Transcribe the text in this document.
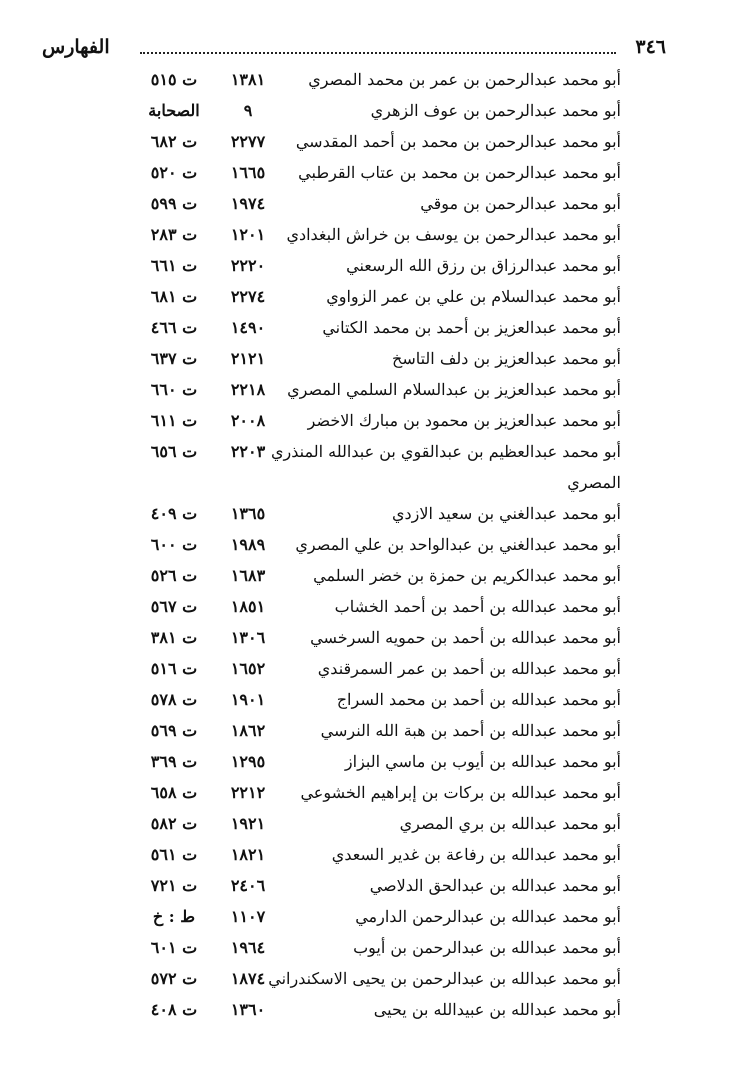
٣٤٦
الفهارس
أبو محمد عبدالرحمن بن عمر بن محمد المصري
١٣٨١
ت ٥١٥
أبو محمد عبدالرحمن بن عوف الزهري
٩
الصحابة
أبو محمد عبدالرحمن بن محمد بن أحمد المقدسي
٢٢٧٧
ت ٦٨٢
أبو محمد عبدالرحمن بن محمد بن عتاب القرطبي
١٦٦٥
ت ٥٢٠
أبو محمد عبدالرحمن بن موقي
١٩٧٤
ت ٥٩٩
أبو محمد عبدالرحمن بن يوسف بن خراش البغدادي
١٢٠١
ت ٢٨٣
أبو محمد عبدالرزاق بن رزق الله الرسعني
٢٢٢٠
ت ٦٦١
أبو محمد عبدالسلام بن علي بن عمر الزواوي
٢٢٧٤
ت ٦٨١
أبو محمد عبدالعزيز بن أحمد بن محمد الكتاني
١٤٩٠
ت ٤٦٦
أبو محمد عبدالعزيز بن دلف التاسخ
٢١٢١
ت ٦٣٧
أبو محمد عبدالعزيز بن عبدالسلام السلمي المصري
٢٢١٨
ت ٦٦٠
أبو محمد عبدالعزيز بن محمود بن مبارك الاخضر
٢٠٠٨
ت ٦١١
أبو محمد عبدالعظيم بن عبدالقوي بن عبدالله المنذري
٢٢٠٣
ت ٦٥٦
المصري
أبو محمد عبدالغني بن سعيد الازدي
١٣٦٥
ت ٤٠٩
أبو محمد عبدالغني بن عبدالواحد بن علي المصري
١٩٨٩
ت ٦٠٠
أبو محمد عبدالكريم بن حمزة بن خضر السلمي
١٦٨٣
ت ٥٢٦
أبو محمد عبدالله بن أحمد بن أحمد الخشاب
١٨٥١
ت ٥٦٧
أبو محمد عبدالله بن أحمد بن حمويه السرخسي
١٣٠٦
ت ٣٨١
أبو محمد عبدالله بن أحمد بن عمر السمرقندي
١٦٥٢
ت ٥١٦
أبو محمد عبدالله بن أحمد بن محمد السراج
١٩٠١
ت ٥٧٨
أبو محمد عبدالله بن أحمد بن هبة الله النرسي
١٨٦٢
ت ٥٦٩
أبو محمد عبدالله بن أيوب بن ماسي البزاز
١٢٩٥
ت ٣٦٩
أبو محمد عبدالله بن بركات بن إبراهيم الخشوعي
٢٢١٢
ت ٦٥٨
أبو محمد عبدالله بن بري المصري
١٩٢١
ت ٥٨٢
أبو محمد عبدالله بن رفاعة بن غدير السعدي
١٨٢١
ت ٥٦١
أبو محمد عبدالله بن عبدالحق الدلاصي
٢٤٠٦
ت ٧٢١
أبو محمد عبدالله بن عبدالرحمن الدارمي
١١٠٧
ط : خ
أبو محمد عبدالله بن عبدالرحمن بن أيوب
١٩٦٤
ت ٦٠١
أبو محمد عبدالله بن عبدالرحمن بن يحيى الاسكندراني
١٨٧٤
ت ٥٧٢
أبو محمد عبدالله بن عبيدالله بن يحيى
١٣٦٠
ت ٤٠٨
